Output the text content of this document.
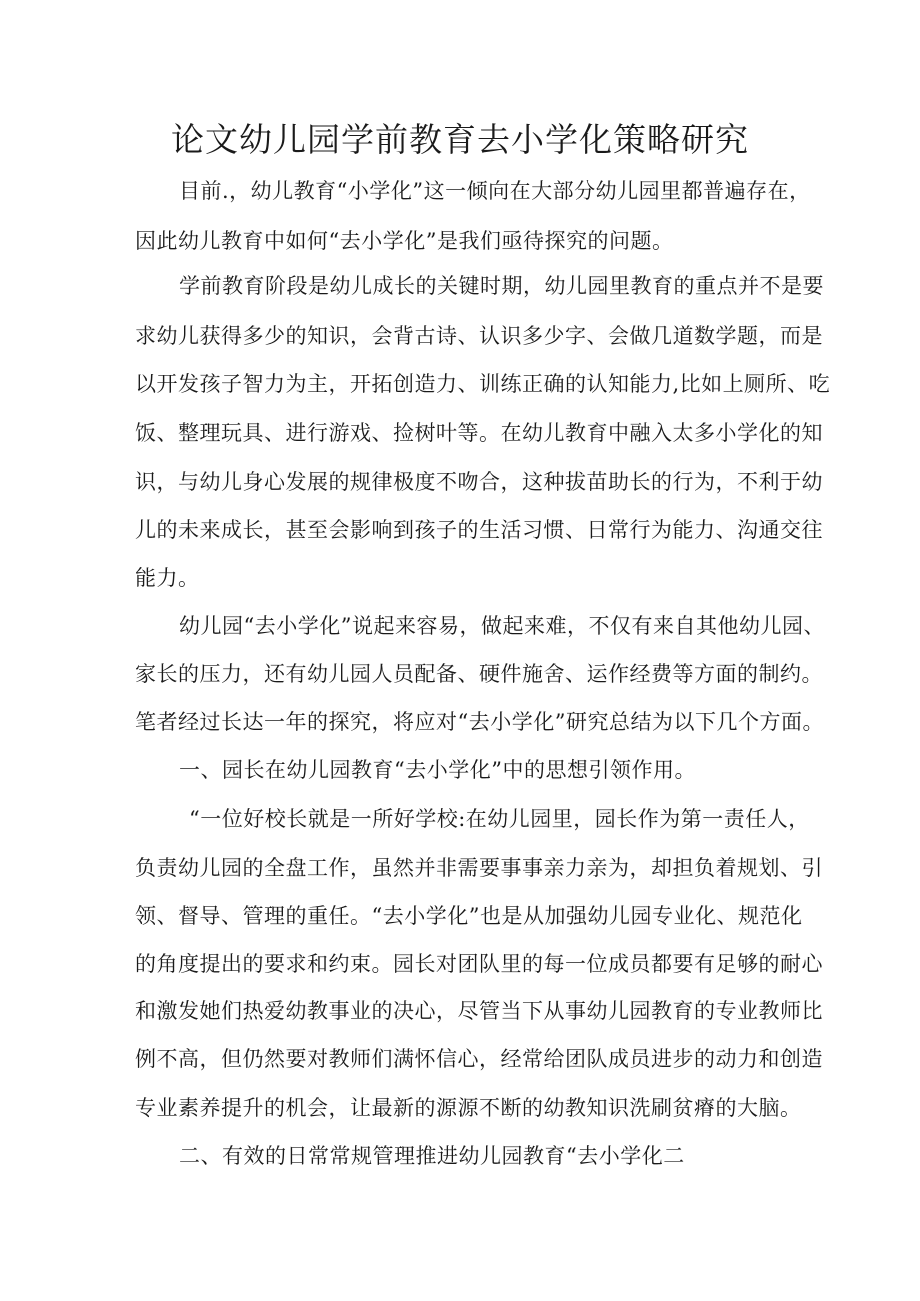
论文幼儿园学前教育去小学化策略研究

目前.，幼儿教育“小学化”这一倾向在大部分幼儿园里都普遍存在，

因此幼儿教育中如何“去小学化”是我们亟待探究的问题。

学前教育阶段是幼儿成长的关键时期，幼儿园里教育的重点并不是要

求幼儿获得多少的知识，会背古诗、认识多少字、会做几道数学题，而是

以开发孩子智力为主，开拓创造力、训练正确的认知能力,比如上厕所、吃

饭、整理玩具、进行游戏、捡树叶等。在幼儿教育中融入太多小学化的知

识，与幼儿身心发展的规律极度不吻合，这种拔苗助长的行为，不利于幼

儿的未来成长，甚至会影响到孩子的生活习惯、日常行为能力、沟通交往

能力。

幼儿园“去小学化”说起来容易，做起来难，不仅有来自其他幼儿园、

家长的压力，还有幼儿园人员配备、硬件施舍、运作经费等方面的制约。

笔者经过长达一年的探究，将应对“去小学化”研究总结为以下几个方面。

一、园长在幼儿园教育“去小学化”中的思想引领作用。

“一位好校长就是一所好学校:在幼儿园里，园长作为第一责任人，

负责幼儿园的全盘工作，虽然并非需要事事亲力亲为，却担负着规划、引

领、督导、管理的重任。“去小学化”也是从加强幼儿园专业化、规范化

的角度提出的要求和约束。园长对团队里的每一位成员都要有足够的耐心

和激发她们热爱幼教事业的决心，尽管当下从事幼儿园教育的专业教师比

例不高，但仍然要对教师们满怀信心，经常给团队成员进步的动力和创造

专业素养提升的机会，让最新的源源不断的幼教知识洗刷贫瘠的大脑。

二、有效的日常常规管理推进幼儿园教育“去小学化二
